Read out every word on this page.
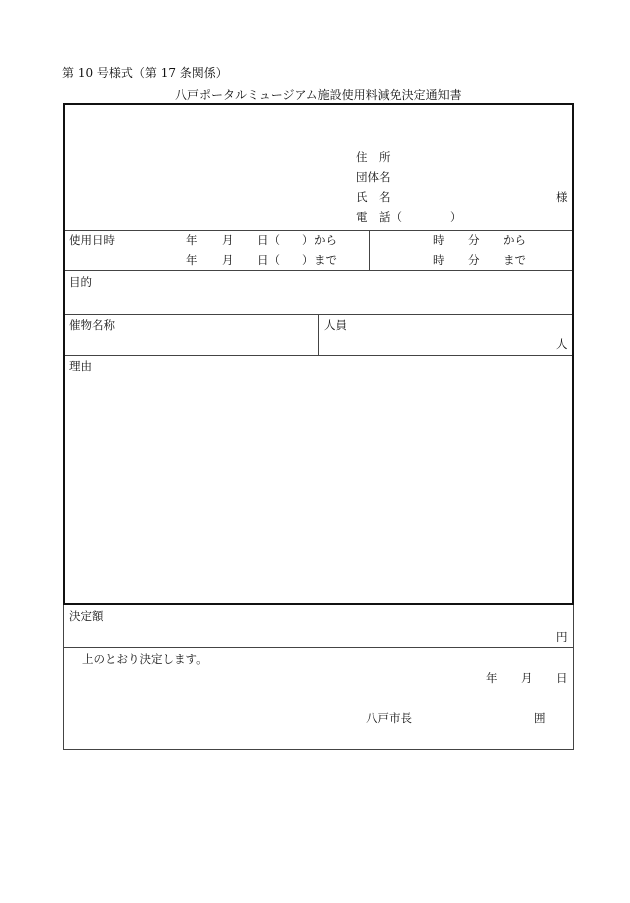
第 10 号様式（第 17 条関係）
八戸ポータルミュージアム施設使用料減免決定通知書
住　所
団体名
氏　名	様
電　話（	）
使用日時	年 月 日（ ） から	時 分 から
年 月 日（ ） まで	時 分 まで
目的
催物名称	人員
人
理由
決定額
円
上のとおり決定します。
年 月 日
八戸市長	囲
